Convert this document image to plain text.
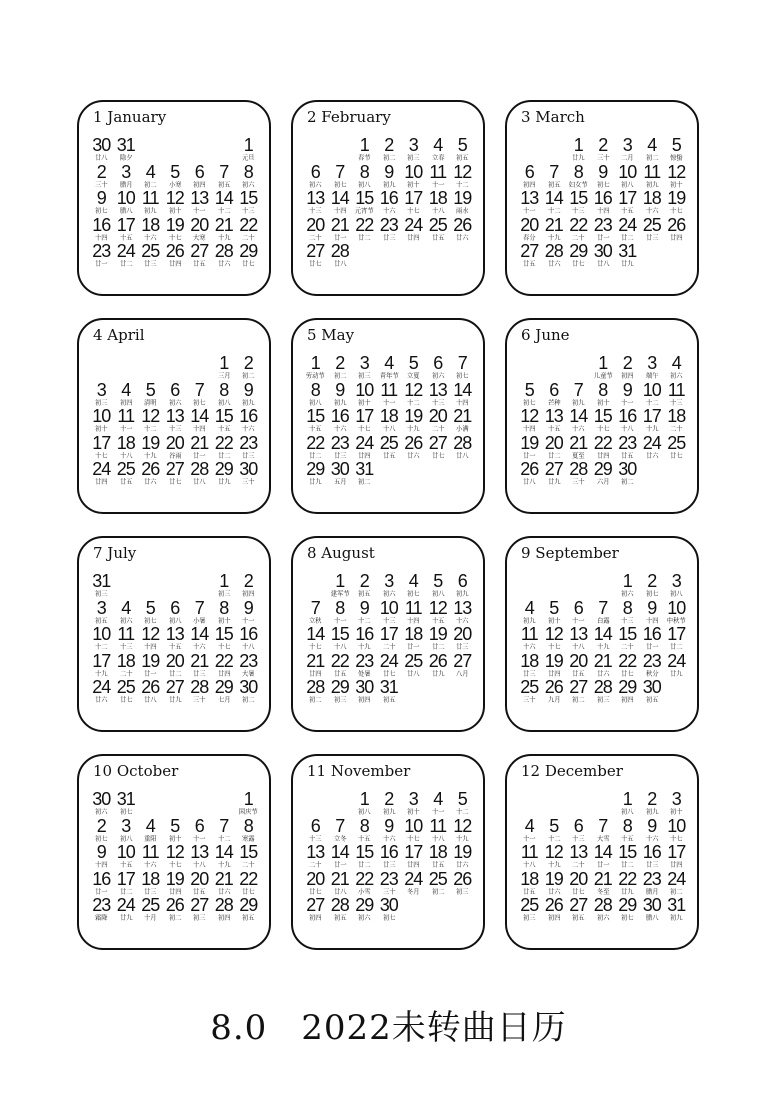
1 January
30
廿八
31
除夕
1
元旦
2
三十
3
腊月
4
初二
5
小寒
6
初四
7
初五
8
初六
9
初七
10
腊八
11
初九
12
初十
13
十一
14
十二
15
十三
16
十四
17
十五
18
十六
19
十七
20
大寒
21
十九
22
二十
23
廿一
24
廿二
25
廿三
26
廿四
27
廿五
28
廿六
29
廿七
2 February
1
春节
2
初二
3
初三
4
立春
5
初五
6
初六
7
初七
8
初八
9
初九
10
初十
11
十一
12
十二
13
十三
14
十四
15
元宵节
16
十六
17
十七
18
十八
19
雨水
20
二十
21
廿一
22
廿二
23
廿三
24
廿四
25
廿五
26
廿六
27
廿七
28
廿八
3 March
1
廿九
2
三十
3
二月
4
初二
5
惊蛰
6
初四
7
初五
8
妇女节
9
初七
10
初八
11
初九
12
初十
13
十一
14
十二
15
十三
16
十四
17
十五
18
十六
19
十七
20
春分
21
十九
22
二十
23
廿一
24
廿二
25
廿三
26
廿四
27
廿五
28
廿六
29
廿七
30
廿八
31
廿九
4 April
1
三月
2
初二
3
初三
4
初四
5
清明
6
初六
7
初七
8
初八
9
初九
10
初十
11
十一
12
十二
13
十三
14
十四
15
十五
16
十六
17
十七
18
十八
19
十九
20
谷雨
21
廿一
22
廿二
23
廿三
24
廿四
25
廿五
26
廿六
27
廿七
28
廿八
29
廿九
30
三十
5 May
1
劳动节
2
初二
3
初三
4
青年节
5
立夏
6
初六
7
初七
8
初八
9
初九
10
初十
11
十一
12
十二
13
十三
14
十四
15
十五
16
十六
17
十七
18
十八
19
十九
20
二十
21
小满
22
廿二
23
廿三
24
廿四
25
廿五
26
廿六
27
廿七
28
廿八
29
廿九
30
五月
31
初二
6 June
1
儿童节
2
初四
3
端午
4
初六
5
初七
6
芒种
7
初九
8
初十
9
十一
10
十二
11
十三
12
十四
13
十五
14
十六
15
十七
16
十八
17
十九
18
二十
19
廿一
20
廿二
21
夏至
22
廿四
23
廿五
24
廿六
25
廿七
26
廿八
27
廿九
28
三十
29
六月
30
初二
7 July
31
初三
1
初三
2
初四
3
初五
4
初六
5
初七
6
初八
7
小暑
8
初十
9
十一
10
十二
11
十三
12
十四
13
十五
14
十六
15
十七
16
十八
17
十九
18
二十
19
廿一
20
廿二
21
廿三
22
廿四
23
大暑
24
廿六
25
廿七
26
廿八
27
廿九
28
三十
29
七月
30
初二
8 August
1
建军节
2
初五
3
初六
4
初七
5
初八
6
初九
7
立秋
8
十一
9
十二
10
十三
11
十四
12
十五
13
十六
14
十七
15
十八
16
十九
17
二十
18
廿一
19
廿二
20
廿三
21
廿四
22
廿五
23
处暑
24
廿七
25
廿八
26
廿九
27
八月
28
初二
29
初三
30
初四
31
初五
9 September
1
初六
2
初七
3
初八
4
初九
5
初十
6
十一
7
白露
8
十三
9
十四
10
中秋节
11
十六
12
十七
13
十八
14
十九
15
二十
16
廿一
17
廿二
18
廿三
19
廿四
20
廿五
21
廿六
22
廿七
23
秋分
24
廿九
25
三十
26
九月
27
初二
28
初三
29
初四
30
初五
10 October
30
初六
31
初七
1
国庆节
2
初七
3
初八
4
重阳
5
初十
6
十一
7
十二
8
寒露
9
十四
10
十五
11
十六
12
十七
13
十八
14
十九
15
二十
16
廿一
17
廿二
18
廿三
19
廿四
20
廿五
21
廿六
22
廿七
23
霜降
24
廿九
25
十月
26
初二
27
初三
28
初四
29
初五
11 November
1
初八
2
初九
3
初十
4
十一
5
十二
6
十三
7
立冬
8
十五
9
十六
10
十七
11
十八
12
十九
13
二十
14
廿一
15
廿二
16
廿三
17
廿四
18
廿五
19
廿六
20
廿七
21
廿八
22
小雪
23
三十
24
冬月
25
初二
26
初三
27
初四
28
初五
29
初六
30
初七
12 December
1
初八
2
初九
3
初十
4
十一
5
十二
6
十三
7
大雪
8
十五
9
十六
10
十七
11
十八
12
十九
13
二十
14
廿一
15
廿二
16
廿三
17
廿四
18
廿五
19
廿六
20
廿七
21
冬至
22
廿九
23
腊月
24
初二
25
初三
26
初四
27
初五
28
初六
29
初七
30
腊八
31
初九
8.0 2022未转曲日历
